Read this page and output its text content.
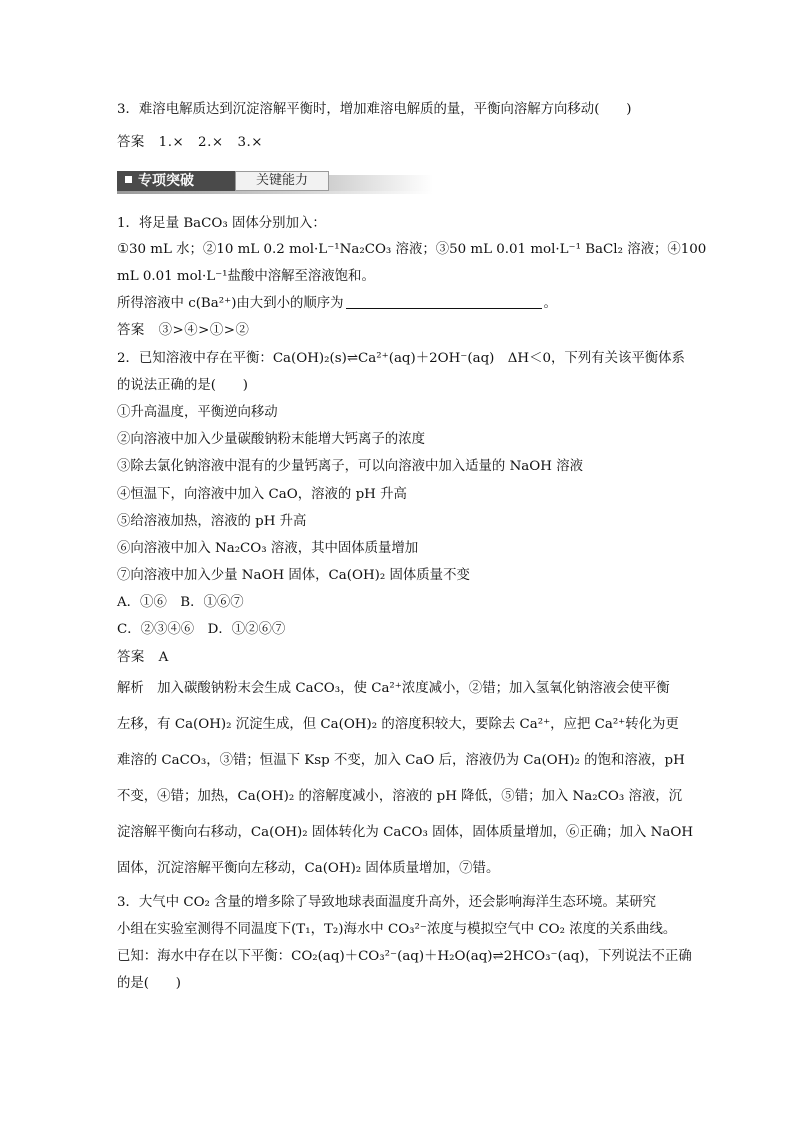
3．难溶电解质达到沉淀溶解平衡时，增加难溶电解质的量，平衡向溶解方向移动(　　)
答案　1.×　2.×　3.×
专项突破	关键能力
1．将足量 BaCO₃ 固体分别加入：
①30 mL 水；②10 mL 0.2 mol·L⁻¹Na₂CO₃ 溶液；③50 mL 0.01 mol·L⁻¹ BaCl₂ 溶液；④100
mL 0.01 mol·L⁻¹盐酸中溶解至溶液饱和。
所得溶液中 c(Ba²⁺)由大到小的顺序为	。
答案　③>④>①>②
2．已知溶液中存在平衡：Ca(OH)₂(s)⇌Ca²⁺(aq)＋2OH⁻(aq)　ΔH＜0，下列有关该平衡体系
的说法正确的是(　　)
①升高温度，平衡逆向移动
②向溶液中加入少量碳酸钠粉末能增大钙离子的浓度
③除去氯化钠溶液中混有的少量钙离子，可以向溶液中加入适量的 NaOH 溶液
④恒温下，向溶液中加入 CaO，溶液的 pH 升高
⑤给溶液加热，溶液的 pH 升高
⑥向溶液中加入 Na₂CO₃ 溶液，其中固体质量增加
⑦向溶液中加入少量 NaOH 固体，Ca(OH)₂ 固体质量不变
A．①⑥　B．①⑥⑦
C．②③④⑥　D．①②⑥⑦
答案　A
解析　加入碳酸钠粉末会生成 CaCO₃，使 Ca²⁺浓度减小，②错；加入氢氧化钠溶液会使平衡
左移，有 Ca(OH)₂ 沉淀生成，但 Ca(OH)₂ 的溶度积较大，要除去 Ca²⁺，应把 Ca²⁺转化为更
难溶的 CaCO₃，③错；恒温下 Ksp 不变，加入 CaO 后，溶液仍为 Ca(OH)₂ 的饱和溶液，pH
不变，④错；加热，Ca(OH)₂ 的溶解度减小，溶液的 pH 降低，⑤错；加入 Na₂CO₃ 溶液，沉
淀溶解平衡向右移动，Ca(OH)₂ 固体转化为 CaCO₃ 固体，固体质量增加，⑥正确；加入 NaOH
固体，沉淀溶解平衡向左移动，Ca(OH)₂ 固体质量增加，⑦错。
3．大气中 CO₂ 含量的增多除了导致地球表面温度升高外，还会影响海洋生态环境。某研究
小组在实验室测得不同温度下(T₁，T₂)海水中 CO₃²⁻浓度与模拟空气中 CO₂ 浓度的关系曲线。
已知：海水中存在以下平衡：CO₂(aq)＋CO₃²⁻(aq)＋H₂O(aq)⇌2HCO₃⁻(aq)，下列说法不正确
的是(　　)
